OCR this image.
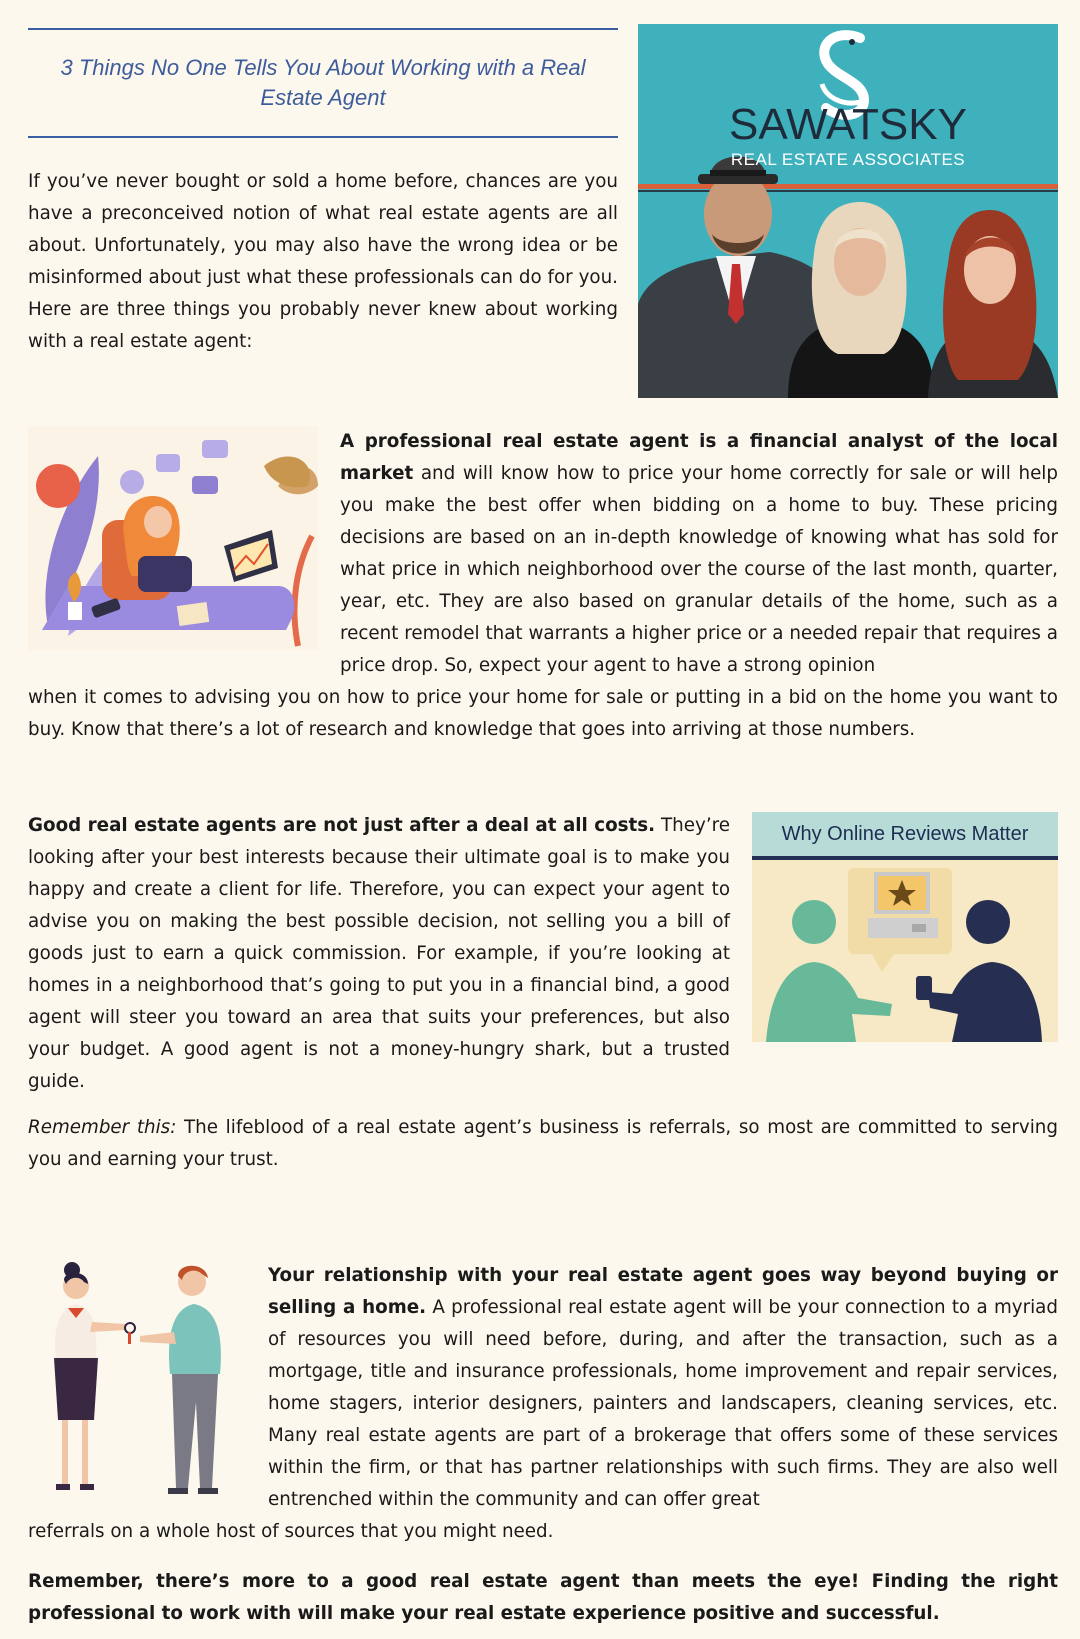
3 Things No One Tells You About Working with a Real Estate Agent

If you’ve never bought or sold a home before, chances are you have a preconceived notion of what real estate agents are all about. Unfortunately, you may also have the wrong idea or be misinformed about just what these professionals can do for you. Here are three things you probably never knew about working with a real estate agent:

SAWATSKY
REAL ESTATE ASSOCIATES

A professional real estate agent is a financial analyst of the local market and will know how to price your home correctly for sale or will help you make the best offer when bidding on a home to buy. These pricing decisions are based on an in-depth knowledge of knowing what has sold for what price in which neighborhood over the course of the last month, quarter, year, etc. They are also based on granular details of the home, such as a recent remodel that warrants a higher price or a needed repair that requires a price drop. So, expect your agent to have a strong opinion

when it comes to advising you on how to price your home for sale or putting in a bid on the home you want to buy. Know that there’s a lot of research and knowledge that goes into arriving at those numbers.

Good real estate agents are not just after a deal at all costs. They’re looking after your best interests because their ultimate goal is to make you happy and create a client for life. Therefore, you can expect your agent to advise you on making the best possible decision, not selling you a bill of goods just to earn a quick commission. For example, if you’re looking at homes in a neighborhood that’s going to put you in a financial bind, a good agent will steer you toward an area that suits your preferences, but also your budget. A good agent is not a money-hungry shark, but a trusted guide.

Why Online Reviews Matter

Remember this: The lifeblood of a real estate agent’s business is referrals, so most are committed to serving you and earning your trust.

Your relationship with your real estate agent goes way beyond buying or selling a home. A professional real estate agent will be your connection to a myriad of resources you will need before, during, and after the transaction, such as a mortgage, title and insurance professionals, home improvement and repair services, home stagers, interior designers, painters and landscapers, cleaning services, etc. Many real estate agents are part of a brokerage that offers some of these services within the firm, or that has partner relationships with such firms. They are also well entrenched within the community and can offer great

referrals on a whole host of sources that you might need.

Remember, there’s more to a good real estate agent than meets the eye! Finding the right professional to work with will make your real estate experience positive and successful.
